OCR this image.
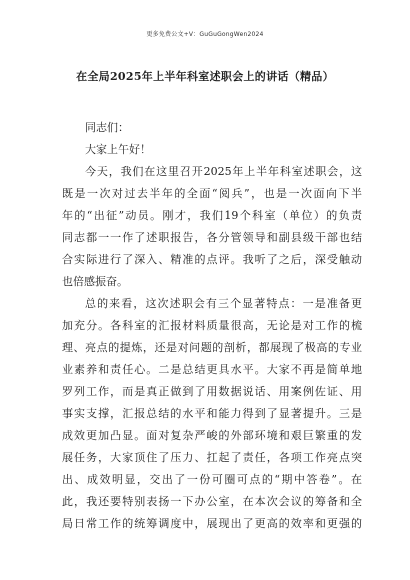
更多免费公文+V：GuGuGongWen2024
在全局2025年上半年科室述职会上的讲话（精品）
同志们：
大家上午好！
今天，我们在这里召开2025年上半年科室述职会，这
既是一次对过去半年的全面“阅兵”，也是一次面向下半
年的“出征”动员。刚才，我们19个科室（单位）的负责
同志都一一作了述职报告，各分管领导和副县级干部也结
合实际进行了深入、精准的点评。我听了之后，深受触动
也倍感振奋。
总的来看，这次述职会有三个显著特点：一是准备更
加充分。各科室的汇报材料质量很高，无论是对工作的梳
理、亮点的提炼，还是对问题的剖析，都展现了极高的专业
业素养和责任心。二是总结更具水平。大家不再是简单地
罗列工作，而是真正做到了用数据说话、用案例佐证、用
事实支撑，汇报总结的水平和能力得到了显著提升。三是
成效更加凸显。面对复杂严峻的外部环境和艰巨繁重的发
展任务，大家顶住了压力、扛起了责任，各项工作亮点突
出、成效明显，交出了一份可圈可点的“期中答卷”。在
此，我还要特别表扬一下办公室，在本次会议的筹备和全
局日常工作的统筹调度中，展现出了更高的效率和更强的
